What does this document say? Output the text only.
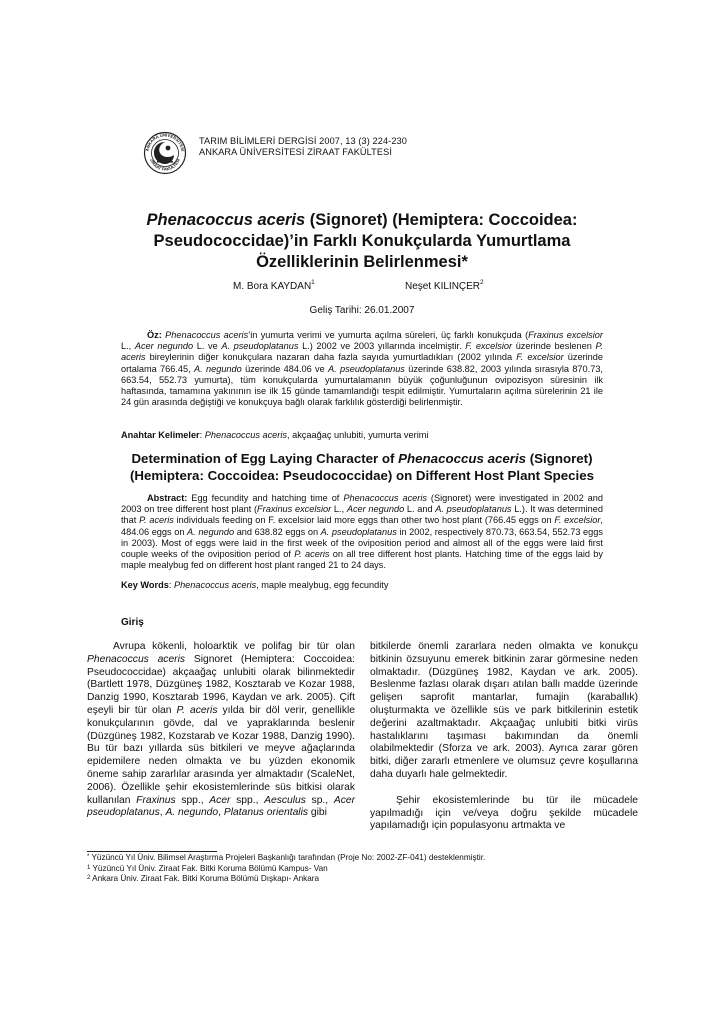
ANKARA ÜNİVERSİTESİ
ZİRAAT FAKÜLTESİ
TARIM BİLİMLERİ DERGİSİ 2007, 13 (3) 224-230
ANKARA ÜNİVERSİTESİ ZİRAAT FAKÜLTESİ
Phenacoccus aceris (Signoret) (Hemiptera: Coccoidea:
Pseudococcidae)’in Farklı Konukçularda Yumurtlama
Özelliklerinin Belirlenmesi*
M. Bora KAYDAN$^1$	Neşet KILINÇER$^2$
Geliş Tarihi: 26.01.2007
Öz: Phenacoccus aceris’in yumurta verimi ve yumurta açılma süreleri, üç farklı konukçuda (Fraxinus excelsior L., Acer negundo L. ve A. pseudoplatanus L.) 2002 ve 2003 yıllarında incelmiştir. F. excelsior üzerinde beslenen P. aceris bireylerinin diğer konukçulara nazaran daha fazla sayıda yumurtladıkları (2002 yılında F. excelsior üzerinde ortalama 766.45, A. negundo üzerinde 484.06 ve A. pseudoplatanus üzerinde 638.82, 2003 yılında sırasıyla 870.73, 663.54, 552.73 yumurta), tüm konukçularda yumurtalamanın büyük çoğunluğunun ovipozisyon süresinin ilk haftasında, tamamına yakınının ise ilk 15 günde tamamlandığı tespit edilmiştir. Yumurtaların açılma sürelerinin 21 ile 24 gün arasında değiştiği ve konukçuya bağlı olarak farklılık gösterdiği belirlenmiştir.
Anahtar Kelimeler: Phenacoccus aceris, akçaağaç unlubiti, yumurta verimi
Determination of Egg Laying Character of Phenacoccus aceris (Signoret)
(Hemiptera: Coccoidea: Pseudococcidae) on Different Host Plant Species
Abstract: Egg fecundity and hatching time of Phenacoccus aceris (Signoret) were investigated in 2002 and 2003 on tree different host plant (Fraxinus excelsior L., Acer negundo L. and A. pseudoplatanus L.). It was determined that P. aceris individuals feeding on F. excelsior laid more eggs than other two host plant (766.45 eggs on F. excelsior, 484.06 eggs on A. negundo and 638.82 eggs on A. pseudoplatanus in 2002, respectively 870.73, 663.54, 552.73 eggs in 2003). Most of eggs were laid in the first week of the oviposition period and almost all of the eggs were laid first couple weeks of the oviposition period of P. aceris on all tree different host plants. Hatching time of the eggs laid by maple mealybug fed on different host plant ranged 21 to 24 days.
Key Words: Phenacoccus aceris, maple mealybug, egg fecundity
Giriş

Avrupa kökenli, holoarktik ve polifag bir tür olan Phenacoccus aceris Signoret (Hemiptera: Coccoidea: Pseudococcidae) akçaağaç unlubiti olarak bilinmektedir (Bartlett 1978, Düzgüneş 1982, Kosztarab ve Kozar 1988, Danzig 1990, Kosztarab 1996, Kaydan ve ark. 2005). Çift eşeyli bir tür olan P. aceris yılda bir döl verir, genellikle konukçularının gövde, dal ve yapraklarında beslenir (Düzgüneş 1982, Kozstarab ve Kozar 1988, Danzig 1990). Bu tür bazı yıllarda süs bitkileri ve meyve ağaçlarında epidemilere neden olmakta ve bu yüzden ekonomik öneme sahip zararlılar arasında yer almaktadır (ScaleNet, 2006). Özellikle şehir ekosistemlerinde süs bitkisi olarak kullanılan Fraxinus spp., Acer spp., Aesculus sp., Acer pseudoplatanus, A. negundo, Platanus orientalis gibi

bitkilerde önemli zararlara neden olmakta ve konukçu bitkinin özsuyunu emerek bitkinin zarar görmesine neden olmaktadır. (Düzgüneş 1982, Kaydan ve ark. 2005). Beslenme fazlası olarak dışarı atılan ballı madde üzerinde gelişen saprofit mantarlar, fumajin (karaballık) oluşturmakta ve özellikle süs ve park bitkilerinin estetik değerini azaltmaktadır. Akçaağaç unlubiti bitki virüs hastalıklarını taşıması bakımından da önemli olabilmektedir (Sforza ve ark. 2003). Ayrıca zarar gören bitki, diğer zararlı etmenlere ve olumsuz çevre koşullarına daha duyarlı hale gelmektedir.

Şehir ekosistemlerinde bu tür ile mücadele yapılmadığı için ve/veya doğru şekilde mücadele yapılamadığı için populasyonu artmakta ve

* Yüzüncü Yıl Üniv. Bilimsel Araştırma Projeleri Başkanlığı tarafından (Proje No: 2002-ZF-041) desteklenmiştir.
$^1$ Yüzüncü Yıl Üniv. Ziraat Fak. Bitki Koruma Bölümü Kampus- Van
$^2$ Ankara Üniv. Ziraat Fak. Bitki Koruma Bölümü Dışkapı- Ankara
